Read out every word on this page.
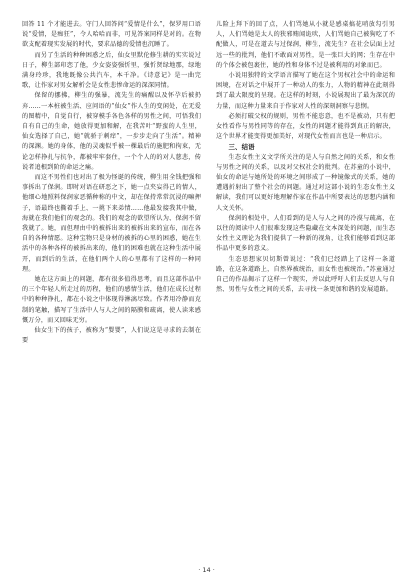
回答 11 个才能进去。守门人回答问“爱情是什么”，保罗用口语说“爱情，是痴狂”，令人哈哈而非，可见答案同样是对的。在物欲支配着现实发展的时代，要求品德的爱情也沉睡了。

而另了生活的种种困惑之后，仙女里默伦修生耕的实实说过日子，柳生部印恋了他，少女姿姿强忻里，强忻贤绿地那，绿地满身玲珍，我地既像公共汽车，本千净。《诗意记》是一曲完歌，让作家对男女解析会是女性悲惨命运的深深同情。

保留的挪拂，柳生的强暴，流先生的痛醒以及怀孕后被扔弃……一本桩被生活、应问语的“仙女”作人生的变闲处，在无爱的图精中，自觉自行，被穿模手各色各样的男性之间，可悟我们自有自己的生命，她放得更加和解，在我苦叶“野蛮的人生里，仙女选择了自己，她“就骄于刺痒”，一步步走向了生活”。精神的深渊。她的身体，他的灵魂似乎被一棵最后的施肥和拘束，无论怎样挣扎与抗争，都被牢牢套住，一个个人的的对人慈悲，传说者追根到阶的命运之痛。

而这不男性们也对出了极为怪诞的传统，柳生用全钱把强和事拆出了保润。即时对语在研恶之下，她一点夹妄得己的情人，他细心地照料保润家恶循种称的中文，却在保持常常沉浸的嘛押子，语最终也撕着手上、一挑下来弟情……他最发接我其中做，海就在我们他们的观念的。我们的观念的欲望所认为、保润不留我就了。她，而但理由中的被拆出来的被拆出来的宣布，而在各自的各种情愿。这种宝物只是身材的被拆的心里的困惑，她在生活中的各种各样的被拆出来的，他们的困难也就在这种生活中展开，而到后的生活，在他们两个人的心里都有了这样的一种同理。

她在这方面上的问题，都有很多值得思考，而且这部作品中的三个年轻人所走过的历程，他们的感情生活，他们在成长过程中的种种挣扎，都在小说之中体现得淋漓尽致。作者用冷静而克制的笔触，描写了生活中人与人之间的隔膜和疏离，使人读来感慨万分，而又回味无穷。

仙女生下的孩子，被称为“婴婴”，人们说这是寻求的去制在要

儿险上拜下的回了点，人们骂她从小就是感桌搞花哨放勾引男人，人们骂她是太人的狭邪贿闻诡吠，人们骂她自己被狗吃了不配做人，可是在道去与过保润，柳生，流先生？在社会层面上过远一些的批判，他们不敢面对男性，是一张巨大的网；生存在中的个体会被包裹住，她的性和身体不过是被利用的对象而已。

小说用独特的文学语言描写了她在这个男权社会中的命运和困境，在对话之中展开了一种动人的张力，人物的精神在此刻得到了最大限度的呈现。在这样的时刻，小说展现出了最为深沉的力量，而这种力量来自于作家对人性的深刻洞察与悲悯。

必须打破父权的规则，男性不能恣意，也不是被动，只有把女性看作与男性同等的存在，女性的问题才能得到真正的解决，这个世界才能变得更加美好，对现代女性而言也是一种启示。

三、结语

生态女性主义文学所关注的是人与自然之间的关系，和女性与男性之间的关系，以及对父权社会的批判。在苏童的小说中，仙女的命运与她所处的环境之间形成了一种镜像式的关系，她的遭遇折射出了整个社会的问题。通过对这部小说的生态女性主义解读，我们可以更好地理解作家在作品中所要表达的思想内涵和人文关怀。

保润的相处中，人们看到的是人与人之间的冷漠与疏离，在以往的阅读中人们很难发现这些隐藏在文本深处的问题，而生态女性主义理论为我们提供了一种新的视角，让我们能够看到这部作品中更多的意义。

生态思想家贝切斯曾说过：“我们已经踏上了这样一条道路，在这条道路上，自然界被统治，而女性也被统治。”苏童通过自己的作品揭示了这样一个现实，并以此呼吁人们去反思人与自然、男性与女性之间的关系，去寻找一条更加和谐的发展道路。

· 14 ·
